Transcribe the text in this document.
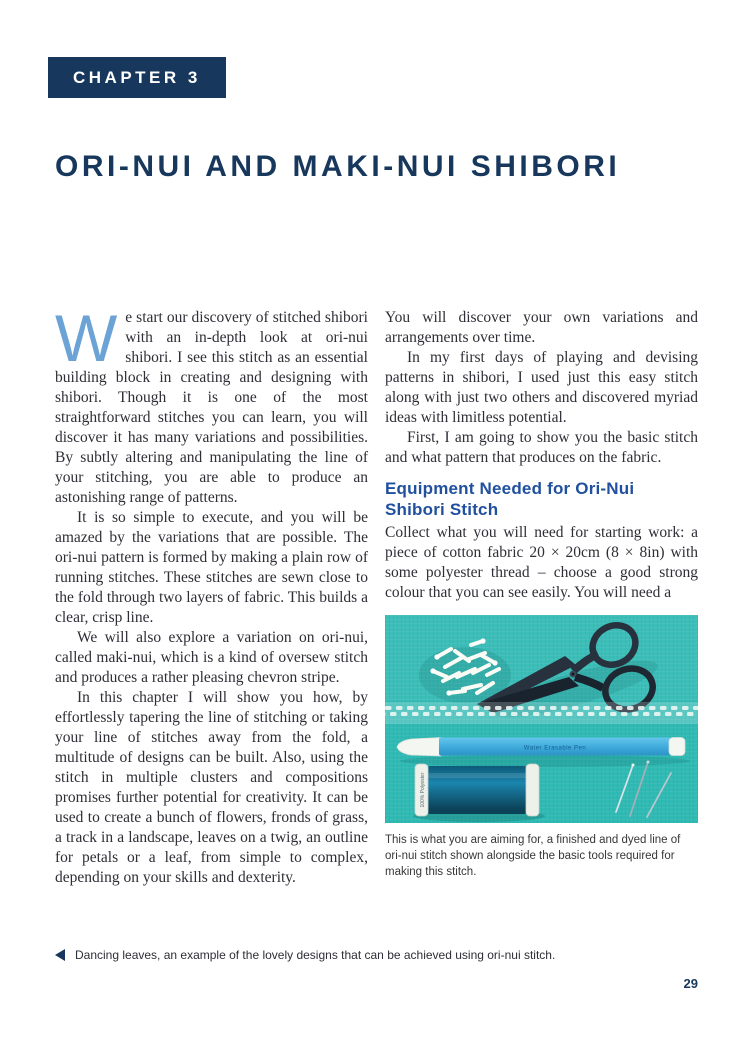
CHAPTER 3
ORI-NUI AND MAKI-NUI SHIBORI

We start our discovery of stitched shibori with an in-depth look at ori-nui shibori. I see this stitch as an essential building block in creating and designing with shibori. Though it is one of the most straightforward stitches you can learn, you will discover it has many variations and possibilities. By subtly altering and manipulating the line of your stitching, you are able to produce an astonishing range of patterns.

It is so simple to execute, and you will be amazed by the variations that are possible. The ori-nui pattern is formed by making a plain row of running stitches. These stitches are sewn close to the fold through two layers of fabric. This builds a clear, crisp line.

We will also explore a variation on ori-nui, called maki-nui, which is a kind of oversew stitch and produces a rather pleasing chevron stripe.

In this chapter I will show you how, by effortlessly tapering the line of stitching or taking your line of stitches away from the fold, a multitude of designs can be built. Also, using the stitch in multiple clusters and compositions promises further potential for creativity. It can be used to create a bunch of flowers, fronds of grass, a track in a landscape, leaves on a twig, an outline for petals or a leaf, from simple to complex, depending on your skills and dexterity.

You will discover your own variations and arrangements over time.

In my first days of playing and devising patterns in shibori, I used just this easy stitch along with just two others and discovered myriad ideas with limitless potential.

First, I am going to show you the basic stitch and what pattern that produces on the fabric.

Equipment Needed for Ori-Nui Shibori Stitch

Collect what you will need for starting work: a piece of cotton fabric 20 × 20cm (8 × 8in) with some polyester thread – choose a good strong colour that you can see easily. You will need a

Water Erasable Pen
100% Polyester

This is what you are aiming for, a finished and dyed line of ori-nui stitch shown alongside the basic tools required for making this stitch.

Dancing leaves, an example of the lovely designs that can be achieved using ori-nui stitch.
29
